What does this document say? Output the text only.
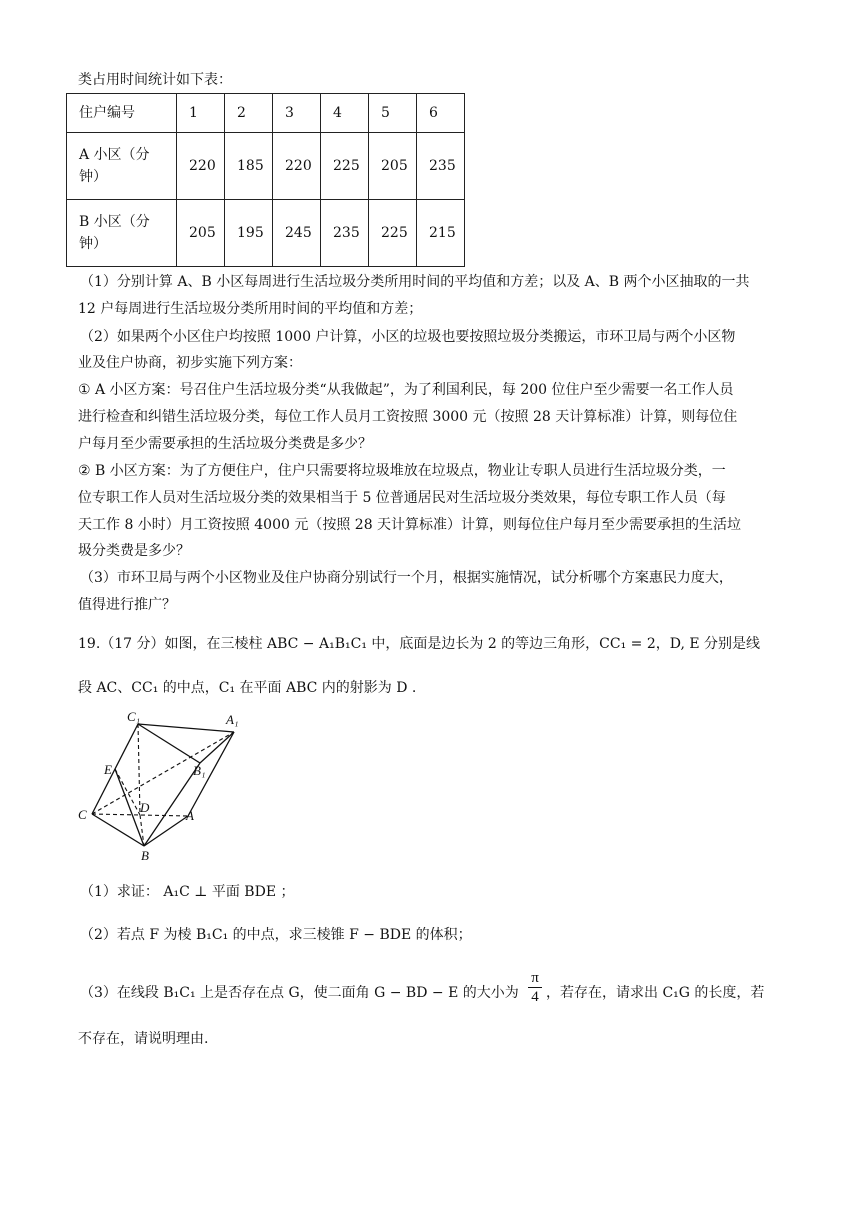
类占用时间统计如下表：
住户编号	1	2	3	4	5	6

A 小区（分
钟）	220	185	220	225	205	235

B 小区（分
钟）	205	195	245	235	225	215
（1）分别计算 A、B 小区每周进行生活垃圾分类所用时间的平均值和方差；以及 A、B 两个小区抽取的一共
12 户每周进行生活垃圾分类所用时间的平均值和方差；
（2）如果两个小区住户均按照 1000 户计算，小区的垃圾也要按照垃圾分类搬运，市环卫局与两个小区物
业及住户协商，初步实施下列方案：
① A 小区方案：号召住户生活垃圾分类“从我做起”，为了利国利民，每 200 位住户至少需要一名工作人员
进行检查和纠错生活垃圾分类，每位工作人员月工资按照 3000 元（按照 28 天计算标准）计算，则每位住
户每月至少需要承担的生活垃圾分类费是多少？
② B 小区方案：为了方便住户，住户只需要将垃圾堆放在垃圾点，物业让专职人员进行生活垃圾分类，一
位专职工作人员对生活垃圾分类的效果相当于 5 位普通居民对生活垃圾分类效果，每位专职工作人员（每
天工作 8 小时）月工资按照 4000 元（按照 28 天计算标准）计算，则每位住户每月至少需要承担的生活垃
圾分类费是多少？
（3）市环卫局与两个小区物业及住户协商分别试行一个月，根据实施情况，试分析哪个方案惠民力度大，
值得进行推广？
19.（17 分）如图，在三棱柱 ABC − A₁B₁C₁ 中，底面是边长为 2 的等边三角形，CC₁ = 2，D, E 分别是线
段 AC、CC₁ 的中点，C₁ 在平面 ABC 内的射影为 D .
C₁	A₁
E	B₁
D
C	A
B
（1）求证： A₁C ⊥ 平面 BDE ；
（2）若点 F 为棱 B₁C₁ 的中点，求三棱锥 F − BDE 的体积；
（3）在线段 B₁C₁ 上是否存在点 G，使二面角 G − BD − E 的大小为 $\frac{\pi}{4}$ ，若存在，请求出 C₁G 的长度，若
不存在，请说明理由.
